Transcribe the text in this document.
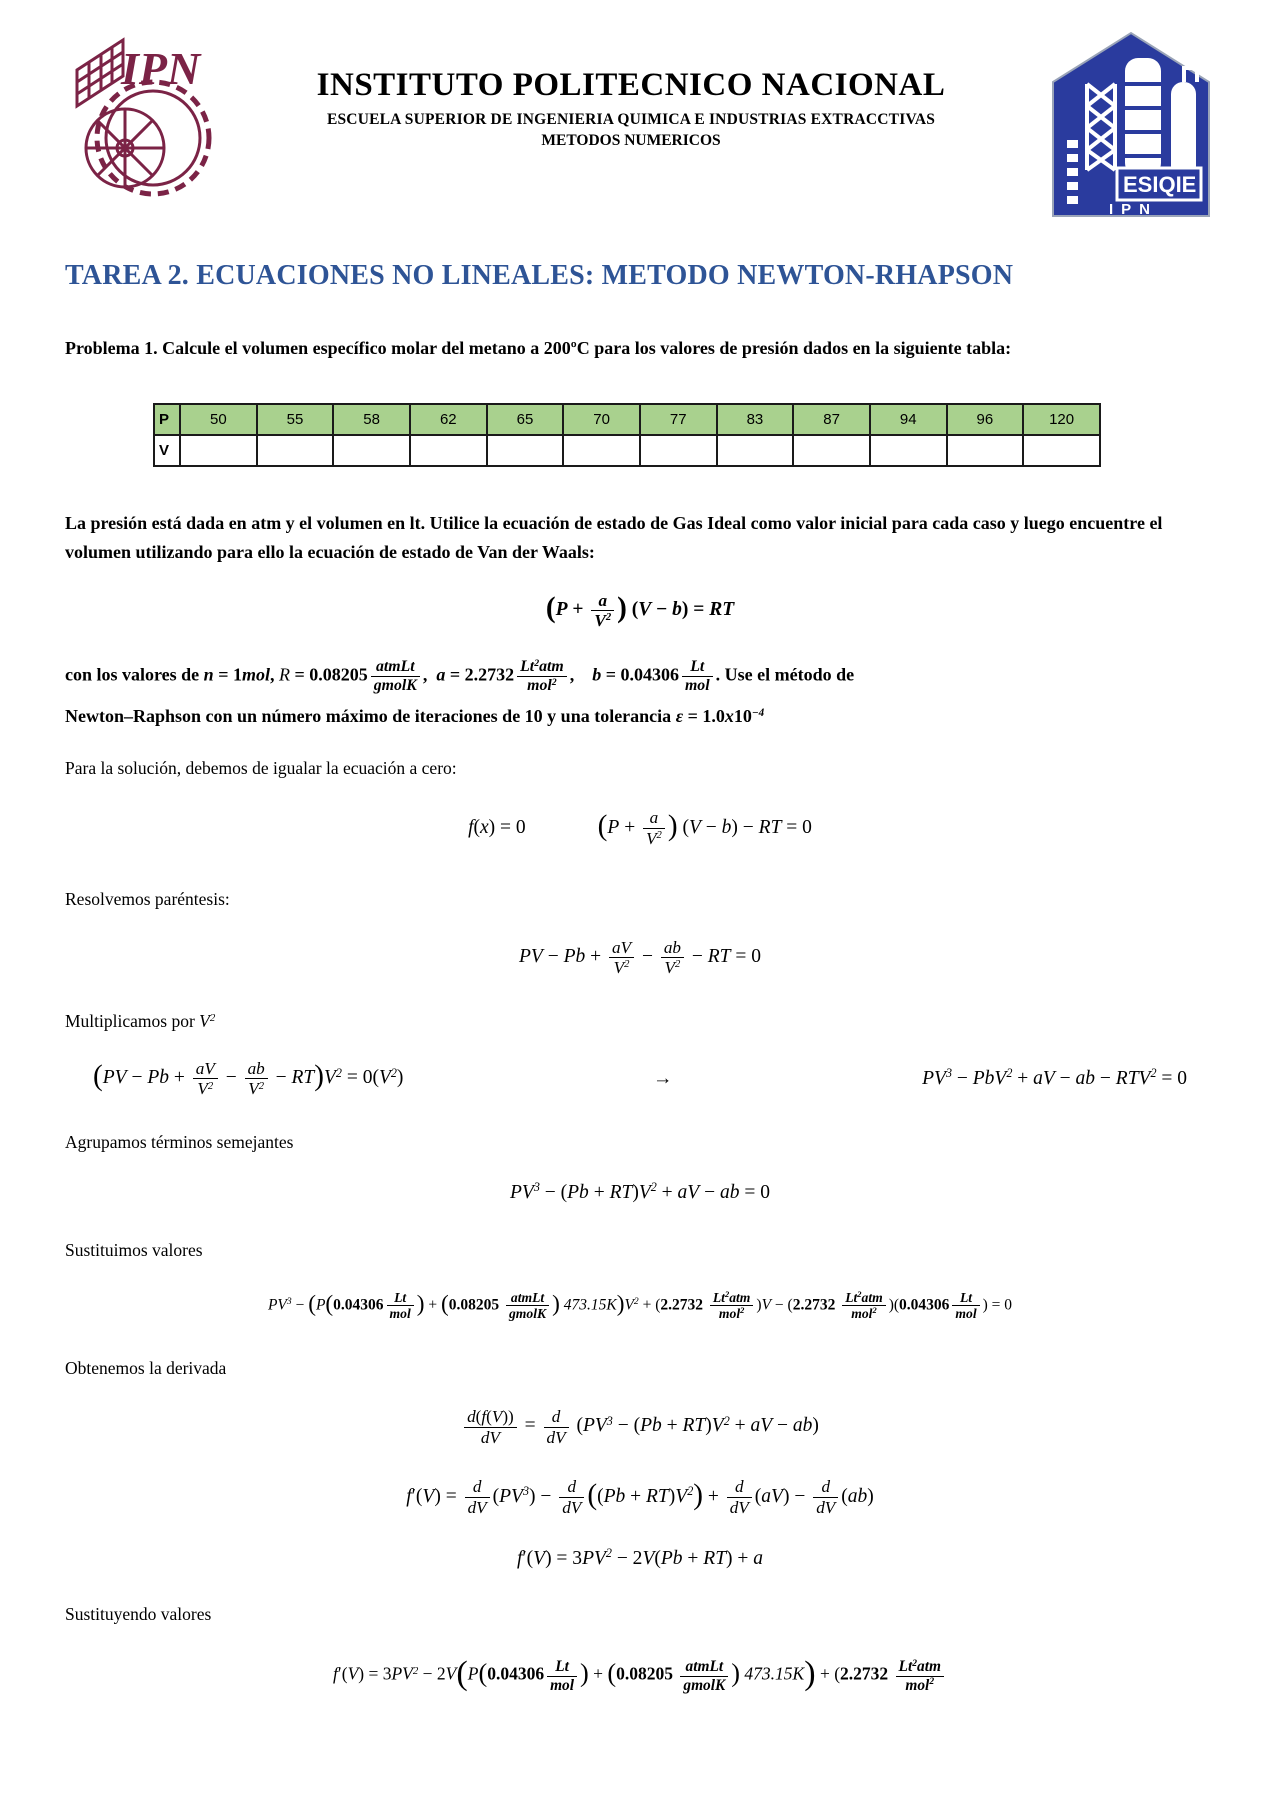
IPN	INSTITUTO POLITECNICO NACIONAL
ESCUELA SUPERIOR DE INGENIERIA QUIMICA E INDUSTRIAS EXTRACCTIVAS
METODOS NUMERICOS
ESIQIE
IPN
TAREA 2. ECUACIONES NO LINEALES: METODO NEWTON-RHAPSON

Problema 1. Calcule el volumen específico molar del metano a 200ºC para los valores de presión dados en la siguiente tabla:

P	50	55	58	62	65	70	77	83	87	94	96	120
V												

La presión está dada en atm y el volumen en lt. Utilice la ecuación de estado de Gas Ideal como valor inicial para cada caso y luego encuentre el volumen utilizando para ello la ecuación de estado de Van der Waals:

($P + \frac{a}{V^2}$ ) (V − b) = RT
con los valores de n = 1mol, $R = 0.08205 \frac{\text{atmLt}}{\text{gmolK}}$ ,  $a = 2.2732 \frac{Lt^2atm}{mol^2}$ ,    $b = 0.04306 \frac{Lt}{\text{mol}}$ . Use el método de
Newton–Raphson con un número máximo de iteraciones de 10 y una tolerancia $\varepsilon = 1.0x10^{-4}$

Para la solución, debemos de igualar la ecuación a cero:

f(x) = 0 ($P + \frac{a}{V^2}$ ) (V − b) − RT = 0

Resolvemos paréntesis:

PV − $Pb + \frac{aV}{V^2} - \frac{ab}{V^2}$ − RT = 0
Multiplicamos por $V^2$
$(PV - Pb + \frac{aV}{V^2} - \frac{ab}{V^2} - RT)V^2 = 0(V^2)$	→	$PV^3 - PbV^2$ + aV − ab − $RTV^2 = 0$

Agrupamos términos semejantes

$PV^3 - (Pb + RT)V^2$ + aV − ab = 0

Sustituimos valores

$PV^3 - (P(0.04306 \frac{Lt}{\text{mol}}$ ) + ($0.08205 \frac{\text{atmLt}}{\text{gmolK}}$ ) $473.15K)V^2 + (2.2732 \frac{Lt^2atm}{mol^2} )V - (2.2732 \frac{Lt^2atm}{mol^2} )(0.04306 \frac{Lt}{\text{mol}}$ ) = 0

Obtenemos la derivada

$\frac{d(f(V))}{dV} = \frac{d}{dV} (PV^3 - (Pb + RT)V^2$ + aV − ab)
$f'(V) = \frac{d}{dV} (PV^3) - \frac{d}{dV} ((Pb + RT)V^2) + \frac{d}{dV} (aV) - \frac{d}{dV} (ab)$
$f'(V) = 3PV^2 - 2V(Pb + RT) + a$

Sustituyendo valores

$f'(V) = 3PV^2 - 2V(P(0.04306 \frac{Lt}{\text{mol}}$ ) + ($0.08205 \frac{\text{atmLt}}{\text{gmolK}}$ ) $473.15K) + (2.2732 \frac{Lt^2atm}{mol^2}$
